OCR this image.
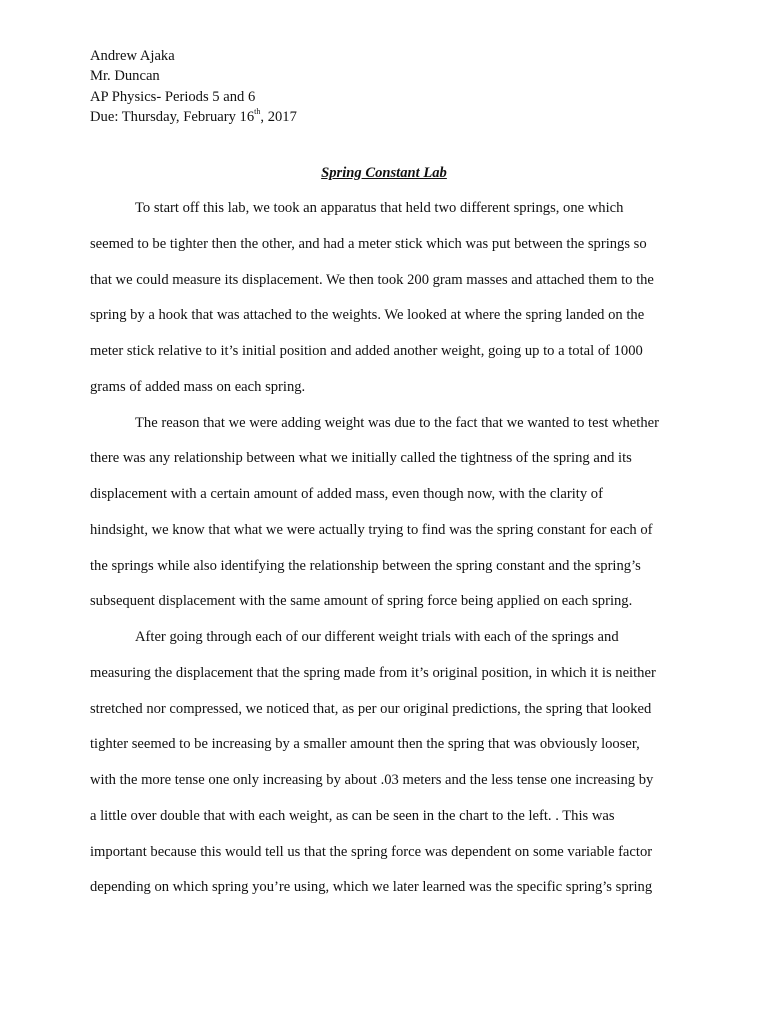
Andrew Ajaka
Mr. Duncan
AP Physics- Periods 5 and 6
Due: Thursday, February 16th, 2017
Spring Constant Lab
To start off this lab, we took an apparatus that held two different springs, one which
seemed to be tighter then the other, and had a meter stick which was put between the springs so
that we could measure its displacement. We then took 200 gram masses and attached them to the
spring by a hook that was attached to the weights. We looked at where the spring landed on the
meter stick relative to it’s initial position and added another weight, going up to a total of 1000
grams of added mass on each spring.
The reason that we were adding weight was due to the fact that we wanted to test whether
there was any relationship between what we initially called the tightness of the spring and its
displacement with a certain amount of added mass, even though now, with the clarity of
hindsight, we know that what we were actually trying to find was the spring constant for each of
the springs while also identifying the relationship between the spring constant and the spring’s
subsequent displacement with the same amount of spring force being applied on each spring.
After going through each of our different weight trials with each of the springs and
measuring the displacement that the spring made from it’s original position, in which it is neither
stretched nor compressed, we noticed that, as per our original predictions, the spring that looked
tighter seemed to be increasing by a smaller amount then the spring that was obviously looser,
with the more tense one only increasing by about .03 meters and the less tense one increasing by
a little over double that with each weight, as can be seen in the chart to the left. . This was
important because this would tell us that the spring force was dependent on some variable factor
depending on which spring you’re using, which we later learned was the specific spring’s spring
